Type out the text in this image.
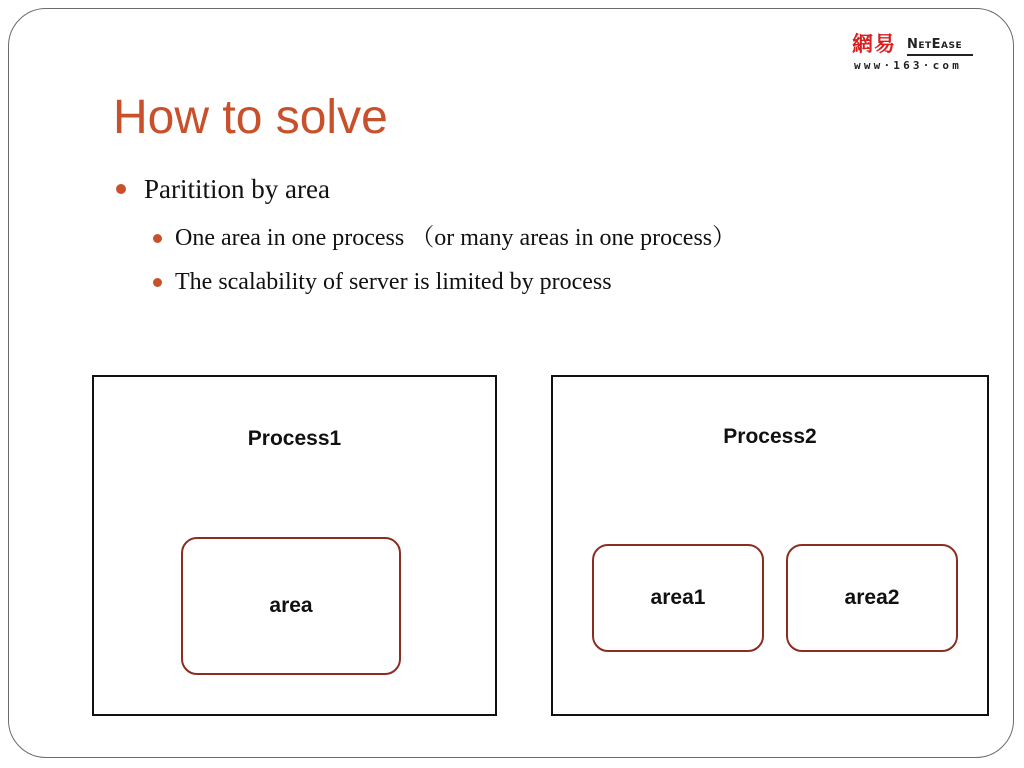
網易 NetEase
www·163·com
How to solve
Paritition by area
One area in one process （or many areas in one process）
The scalability of server is limited by process
Process1
area
Process2
area1	area2
